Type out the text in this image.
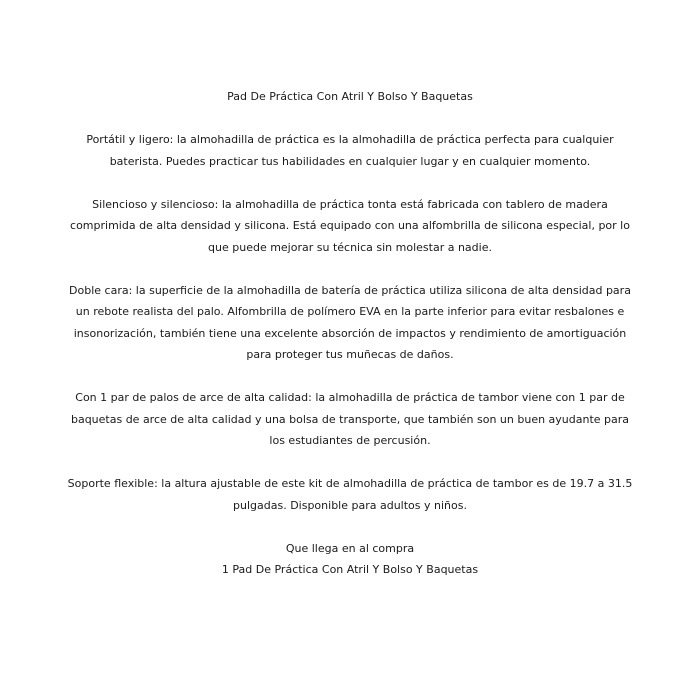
Pad De Práctica Con Atril Y Bolso Y Baquetas

Portátil y ligero: la almohadilla de práctica es la almohadilla de práctica perfecta para cualquier
baterista. Puedes practicar tus habilidades en cualquier lugar y en cualquier momento.

Silencioso y silencioso: la almohadilla de práctica tonta está fabricada con tablero de madera
comprimida de alta densidad y silicona. Está equipado con una alfombrilla de silicona especial, por lo
que puede mejorar su técnica sin molestar a nadie.

Doble cara: la superficie de la almohadilla de batería de práctica utiliza silicona de alta densidad para
un rebote realista del palo. Alfombrilla de polímero EVA en la parte inferior para evitar resbalones e
insonorización, también tiene una excelente absorción de impactos y rendimiento de amortiguación
para proteger tus muñecas de daños.

Con 1 par de palos de arce de alta calidad: la almohadilla de práctica de tambor viene con 1 par de
baquetas de arce de alta calidad y una bolsa de transporte, que también son un buen ayudante para
los estudiantes de percusión.

Soporte flexible: la altura ajustable de este kit de almohadilla de práctica de tambor es de 19.7 a 31.5
pulgadas. Disponible para adultos y niños.

Que llega en al compra

1 Pad De Práctica Con Atril Y Bolso Y Baquetas
